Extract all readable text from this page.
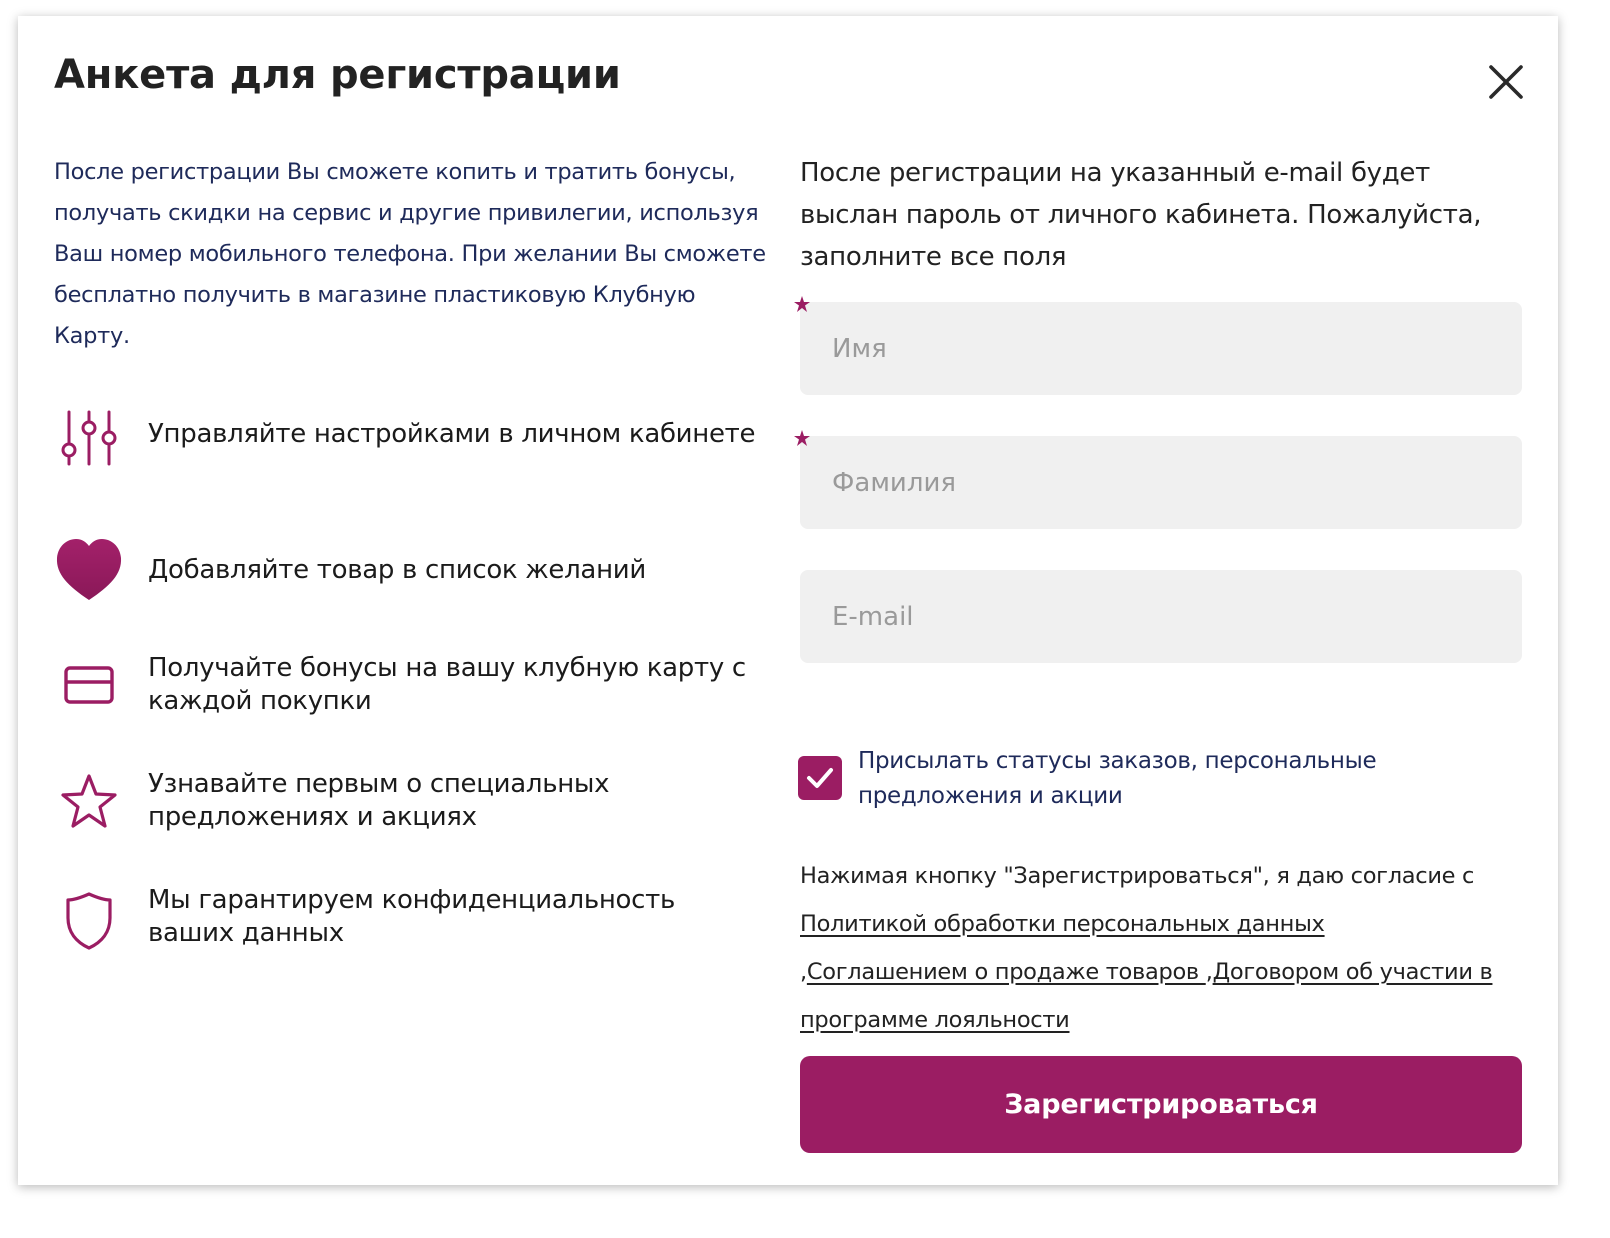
Анкета для регистрации

После регистрации Вы сможете копить и тратить бонусы, получать скидки на сервис и другие привилегии, используя Ваш номер мобильного телефона. При желании Вы сможете бесплатно получить в магазине пластиковую Клубную Карту.

Управляйте настройками в личном кабинете
Добавляйте товар в список желаний
Получайте бонусы на вашу клубную карту с каждой покупки
Узнавайте первым о специальных предложениях и акциях
Мы гарантируем конфиденциальность ваших данных

После регистрации на указанный e-mail будет выслан пароль от личного кабинета. Пожалуйста, заполните все поля

Имя
Фамилия
E-mail
Присылать статусы заказов, персональные предложения и акции

Нажимая кнопку "Зарегистрироваться", я даю согласие с Политикой обработки персональных данных
,Соглашением о продаже товаров ,Договором об участии в программе лояльности

Зарегистрироваться
